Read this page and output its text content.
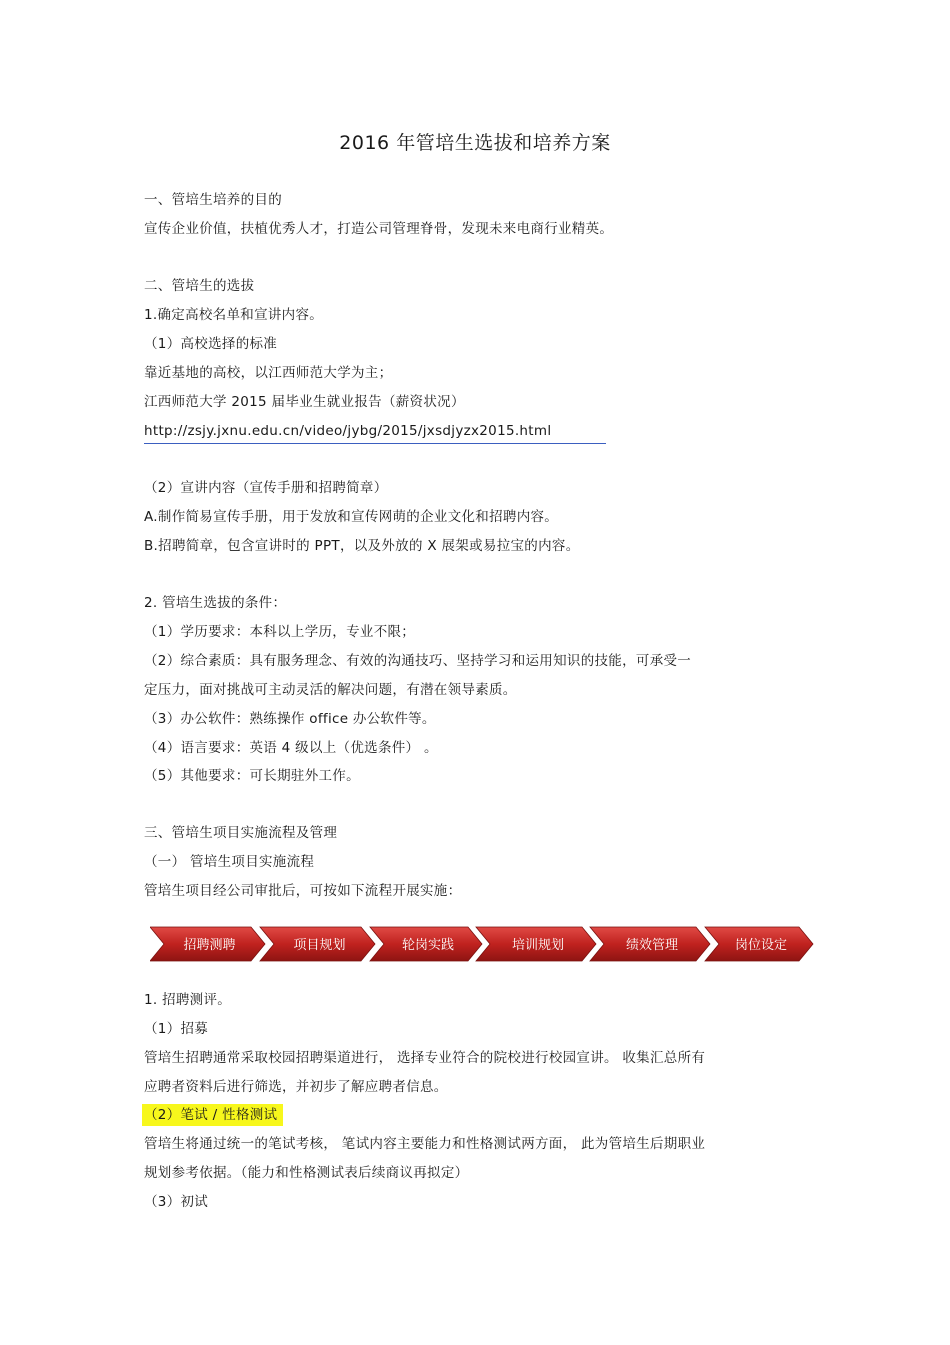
2016 年管培生选拔和培养方案
一、管培生培养的目的
宣传企业价值，扶植优秀人才，打造公司管理脊骨，发现未来电商行业精英。
二、管培生的选拔
1.确定高校名单和宣讲内容。
（1）高校选择的标准
靠近基地的高校，以江西师范大学为主；
江西师范大学 2015 届毕业生就业报告（薪资状况）
http://zsjy.jxnu.edu.cn/video/jybg/2015/jxsdjyzx2015.html
（2）宣讲内容（宣传手册和招聘简章）
A.制作简易宣传手册，用于发放和宣传网萌的企业文化和招聘内容。
B.招聘简章，包含宣讲时的 PPT，以及外放的 X 展架或易拉宝的内容。
2. 管培生选拔的条件：
（1）学历要求：本科以上学历，专业不限；
（2）综合素质：具有服务理念、有效的沟通技巧、坚持学习和运用知识的技能，可承受一
定压力，面对挑战可主动灵活的解决问题，有潜在领导素质。
（3）办公软件：熟练操作 office 办公软件等。
（4）语言要求：英语 4 级以上（优选条件） 。
（5）其他要求：可长期驻外工作。
三、管培生项目实施流程及管理
（一） 管培生项目实施流程
管培生项目经公司审批后，可按如下流程开展实施：
招聘测聘	项目规划	轮岗实践	培训规划	绩效管理	岗位设定
1. 招聘测评。
（1）招募
管培生招聘通常采取校园招聘渠道进行， 选择专业符合的院校进行校园宣讲。 收集汇总所有
应聘者资料后进行筛选，并初步了解应聘者信息。
（2）笔试 / 性格测试
管培生将通过统一的笔试考核， 笔试内容主要能力和性格测试两方面， 此为管培生后期职业
规划参考依据。（能力和性格测试表后续商议再拟定）
（3）初试
